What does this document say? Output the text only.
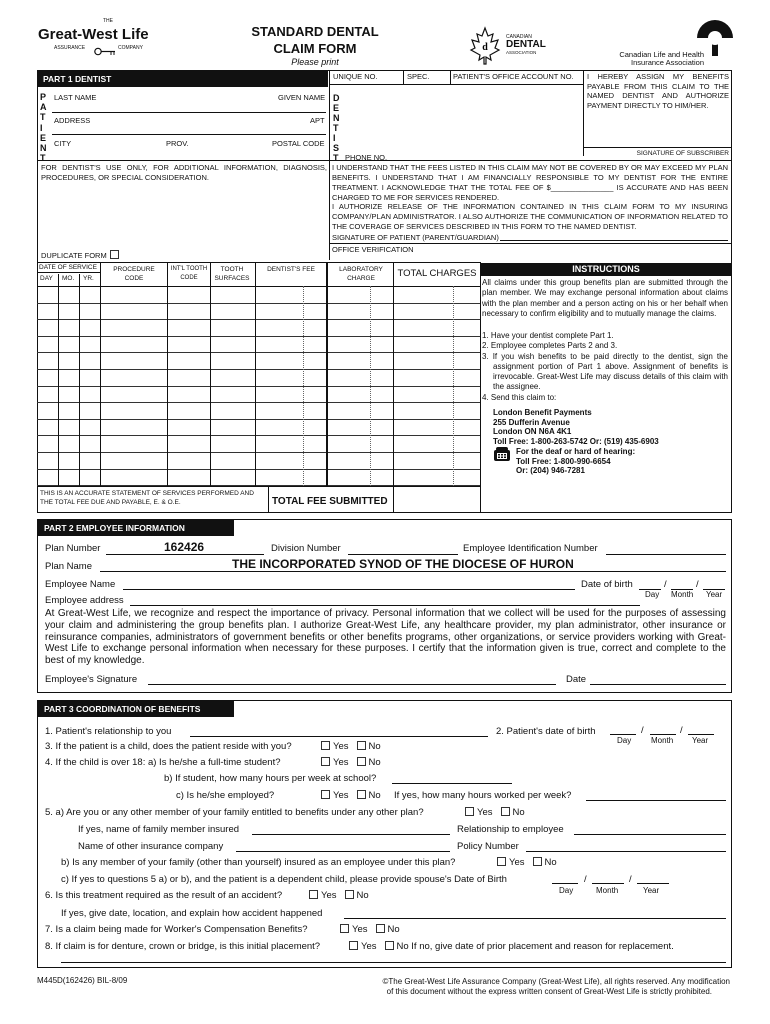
THE
Great-West Life
ASSURANCE	COMPANY
STANDARD DENTAL
CLAIM FORM
Please print
d
CANADIAN
DENTAL
ASSOCIATION	Canadian Life and Health
Insurance Association
PART 1 DENTIST	UNIQUE NO.	SPEC.	PATIENT'S OFFICE ACCOUNT NO.
P
A
T
I
E
N
T
D
E
N
T
I
S
T
LAST NAME	GIVEN NAME
ADDRESS	APT
CITY	PROV.	POSTAL CODE
PHONE NO.
I HEREBY ASSIGN MY BENEFITS PAYABLE FROM THIS CLAIM TO THE NAMED DENTIST AND AUTHORIZE PAYMENT DIRECTLY TO HIM/HER.
SIGNATURE OF SUBSCRIBER
FOR DENTIST'S USE ONLY, FOR ADDITIONAL INFORMATION, DIAGNOSIS, PROCEDURES, OR SPECIAL CONSIDERATION.
I UNDERSTAND THAT THE FEES LISTED IN THIS CLAIM MAY NOT BE COVERED BY OR MAY EXCEED MY PLAN BENEFITS. I UNDERSTAND THAT I AM FINANCIALLY RESPONSIBLE TO MY DENTIST FOR THE ENTIRE TREATMENT. I ACKNOWLEDGE THAT THE TOTAL FEE OF $_______________ IS ACCURATE AND HAS BEEN CHARGED TO ME FOR SERVICES RENDERED.
I AUTHORIZE RELEASE OF THE INFORMATION CONTAINED IN THIS CLAIM FORM TO MY INSURING COMPANY/PLAN ADMINISTRATOR. I ALSO AUTHORIZE THE COMMUNICATION OF INFORMATION RELATED TO THE COVERAGE OF SERVICES DESCRIBED IN THIS FORM TO THE NAMED DENTIST.
SIGNATURE OF PATIENT (PARENT/GUARDIAN)
OFFICE VERIFICATION
DUPLICATE FORM
DATE OF SERVICE
DAY MO. YR.
PROCEDURE CODE
INT'L TOOTH CODE
TOOTH SURFACES
DENTIST'S FEE	LABORATORY CHARGE	TOTAL CHARGES
THIS IS AN ACCURATE STATEMENT OF SERVICES PERFORMED AND THE TOTAL FEE DUE AND PAYABLE, E. & O.E.	TOTAL FEE SUBMITTED
INSTRUCTIONS
All claims under this group benefits plan are submitted through the plan member. We may exchange personal information about claims with the plan member and a person acting on his or her behalf when necessary to confirm eligibility and to mutually manage the claims.
1. Have your dentist complete Part 1.
2. Employee completes Parts 2 and 3.
3. If you wish benefits to be paid directly to the dentist, sign the assignment portion of Part 1 above. Assignment of benefits is irrevocable. Great-West Life may discuss details of this claim with the assignee.
4. Send this claim to:
London Benefit Payments
255 Dufferin Avenue
London ON N6A 4K1
Toll Free: 1-800-263-5742 Or: (519) 435-6903
For the deaf or hard of hearing:
Toll Free: 1-800-990-6654
Or: (204) 946-7281
PART 2 EMPLOYEE INFORMATION
Plan Number	162426	Division Number	Employee Identification Number
Plan Name	THE INCORPORATED SYNOD OF THE DIOCESE OF HURON
Employee Name	Date of birth	/	/
Day Month Year
Employee address
At Great-West Life, we recognize and respect the importance of privacy. Personal information that we collect will be used for the purposes of assessing your claim and administering the group benefits plan. I authorize Great-West Life, any healthcare provider, my plan administrator, other insurance or reinsurance companies, administrators of government benefits or other benefits programs, other organizations, or service providers working with Great-West Life to exchange personal information when necessary for these purposes. I certify that the information given is true, correct and complete to the best of my knowledge.
Employee's Signature	Date
PART 3 COORDINATION OF BENEFITS
1. Patient's relationship to you	2. Patient's date of birth	/	/
Day Month Year
3. If the patient is a child, does the patient reside with you?	Yes No
4. If the child is over 18: a) Is he/she a full-time student?	Yes No
b) If student, how many hours per week at school?
c) Is he/she employed?	Yes No If yes, how many hours worked per week?
5. a) Are you or any other member of your family entitled to benefits under any other plan?	Yes No
If yes, name of family member insured	Relationship to employee
Name of other insurance company	Policy Number
b) Is any member of your family (other than yourself) insured as an employee under this plan?	Yes No
c) If yes to questions 5 a) or b), and the patient is a dependent child, please provide spouse's Date of Birth	/	/
Day	Month	Year
6. Is this treatment required as the result of an accident?	Yes No
If yes, give date, location, and explain how accident happened
7. Is a claim being made for Worker's Compensation Benefits?	Yes No
8. If claim is for denture, crown or bridge, is this initial placement?	Yes No If no, give date of prior placement and reason for replacement.
M445D(162426) BIL-8/09	©The Great-West Life Assurance Company (Great-West Life), all rights reserved. Any modification
of this document without the express written consent of Great-West Life is strictly prohibited.
